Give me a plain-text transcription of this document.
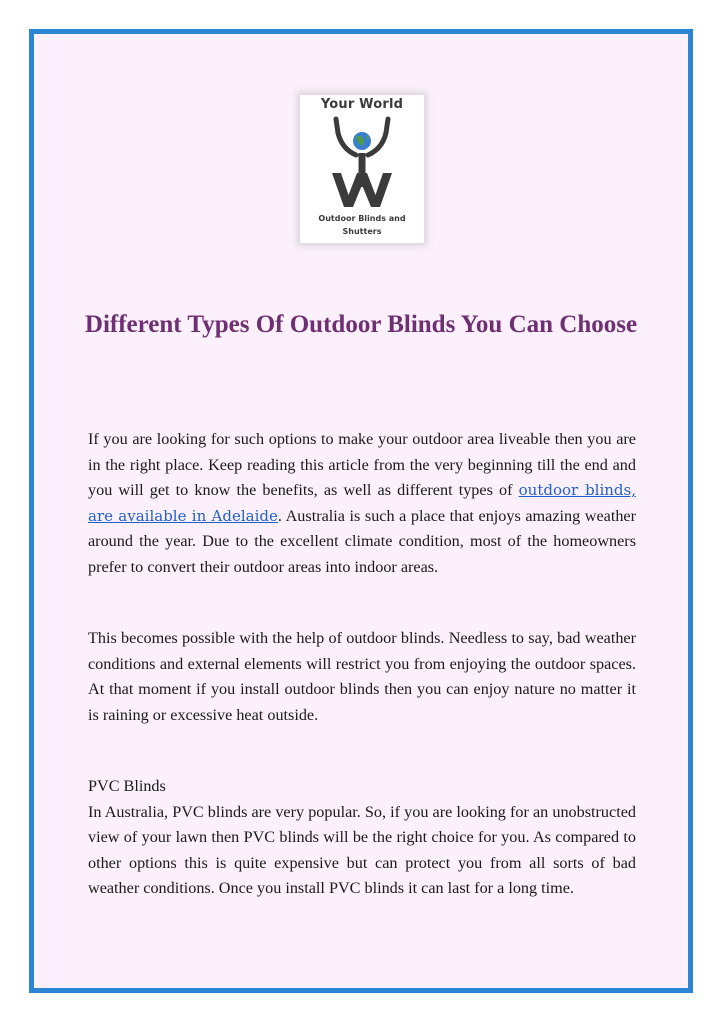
Your World
Outdoor Blinds and
Shutters
Different Types Of Outdoor Blinds You Can Choose

If you are looking for such options to make your outdoor area liveable then you are in the right place. Keep reading this article from the very beginning till the end and you will get to know the benefits, as well as different types of outdoor blinds, are available in Adelaide. Australia is such a place that enjoys amazing weather around the year. Due to the excellent climate condition, most of the homeowners prefer to convert their outdoor areas into indoor areas.

This becomes possible with the help of outdoor blinds. Needless to say, bad weather conditions and external elements will restrict you from enjoying the outdoor spaces. At that moment if you install outdoor blinds then you can enjoy nature no matter it is raining or excessive heat outside.

PVC Blinds
In Australia, PVC blinds are very popular. So, if you are looking for an unobstructed view of your lawn then PVC blinds will be the right choice for you. As compared to other options this is quite expensive but can protect you from all sorts of bad weather conditions. Once you install PVC blinds it can last for a long time.
